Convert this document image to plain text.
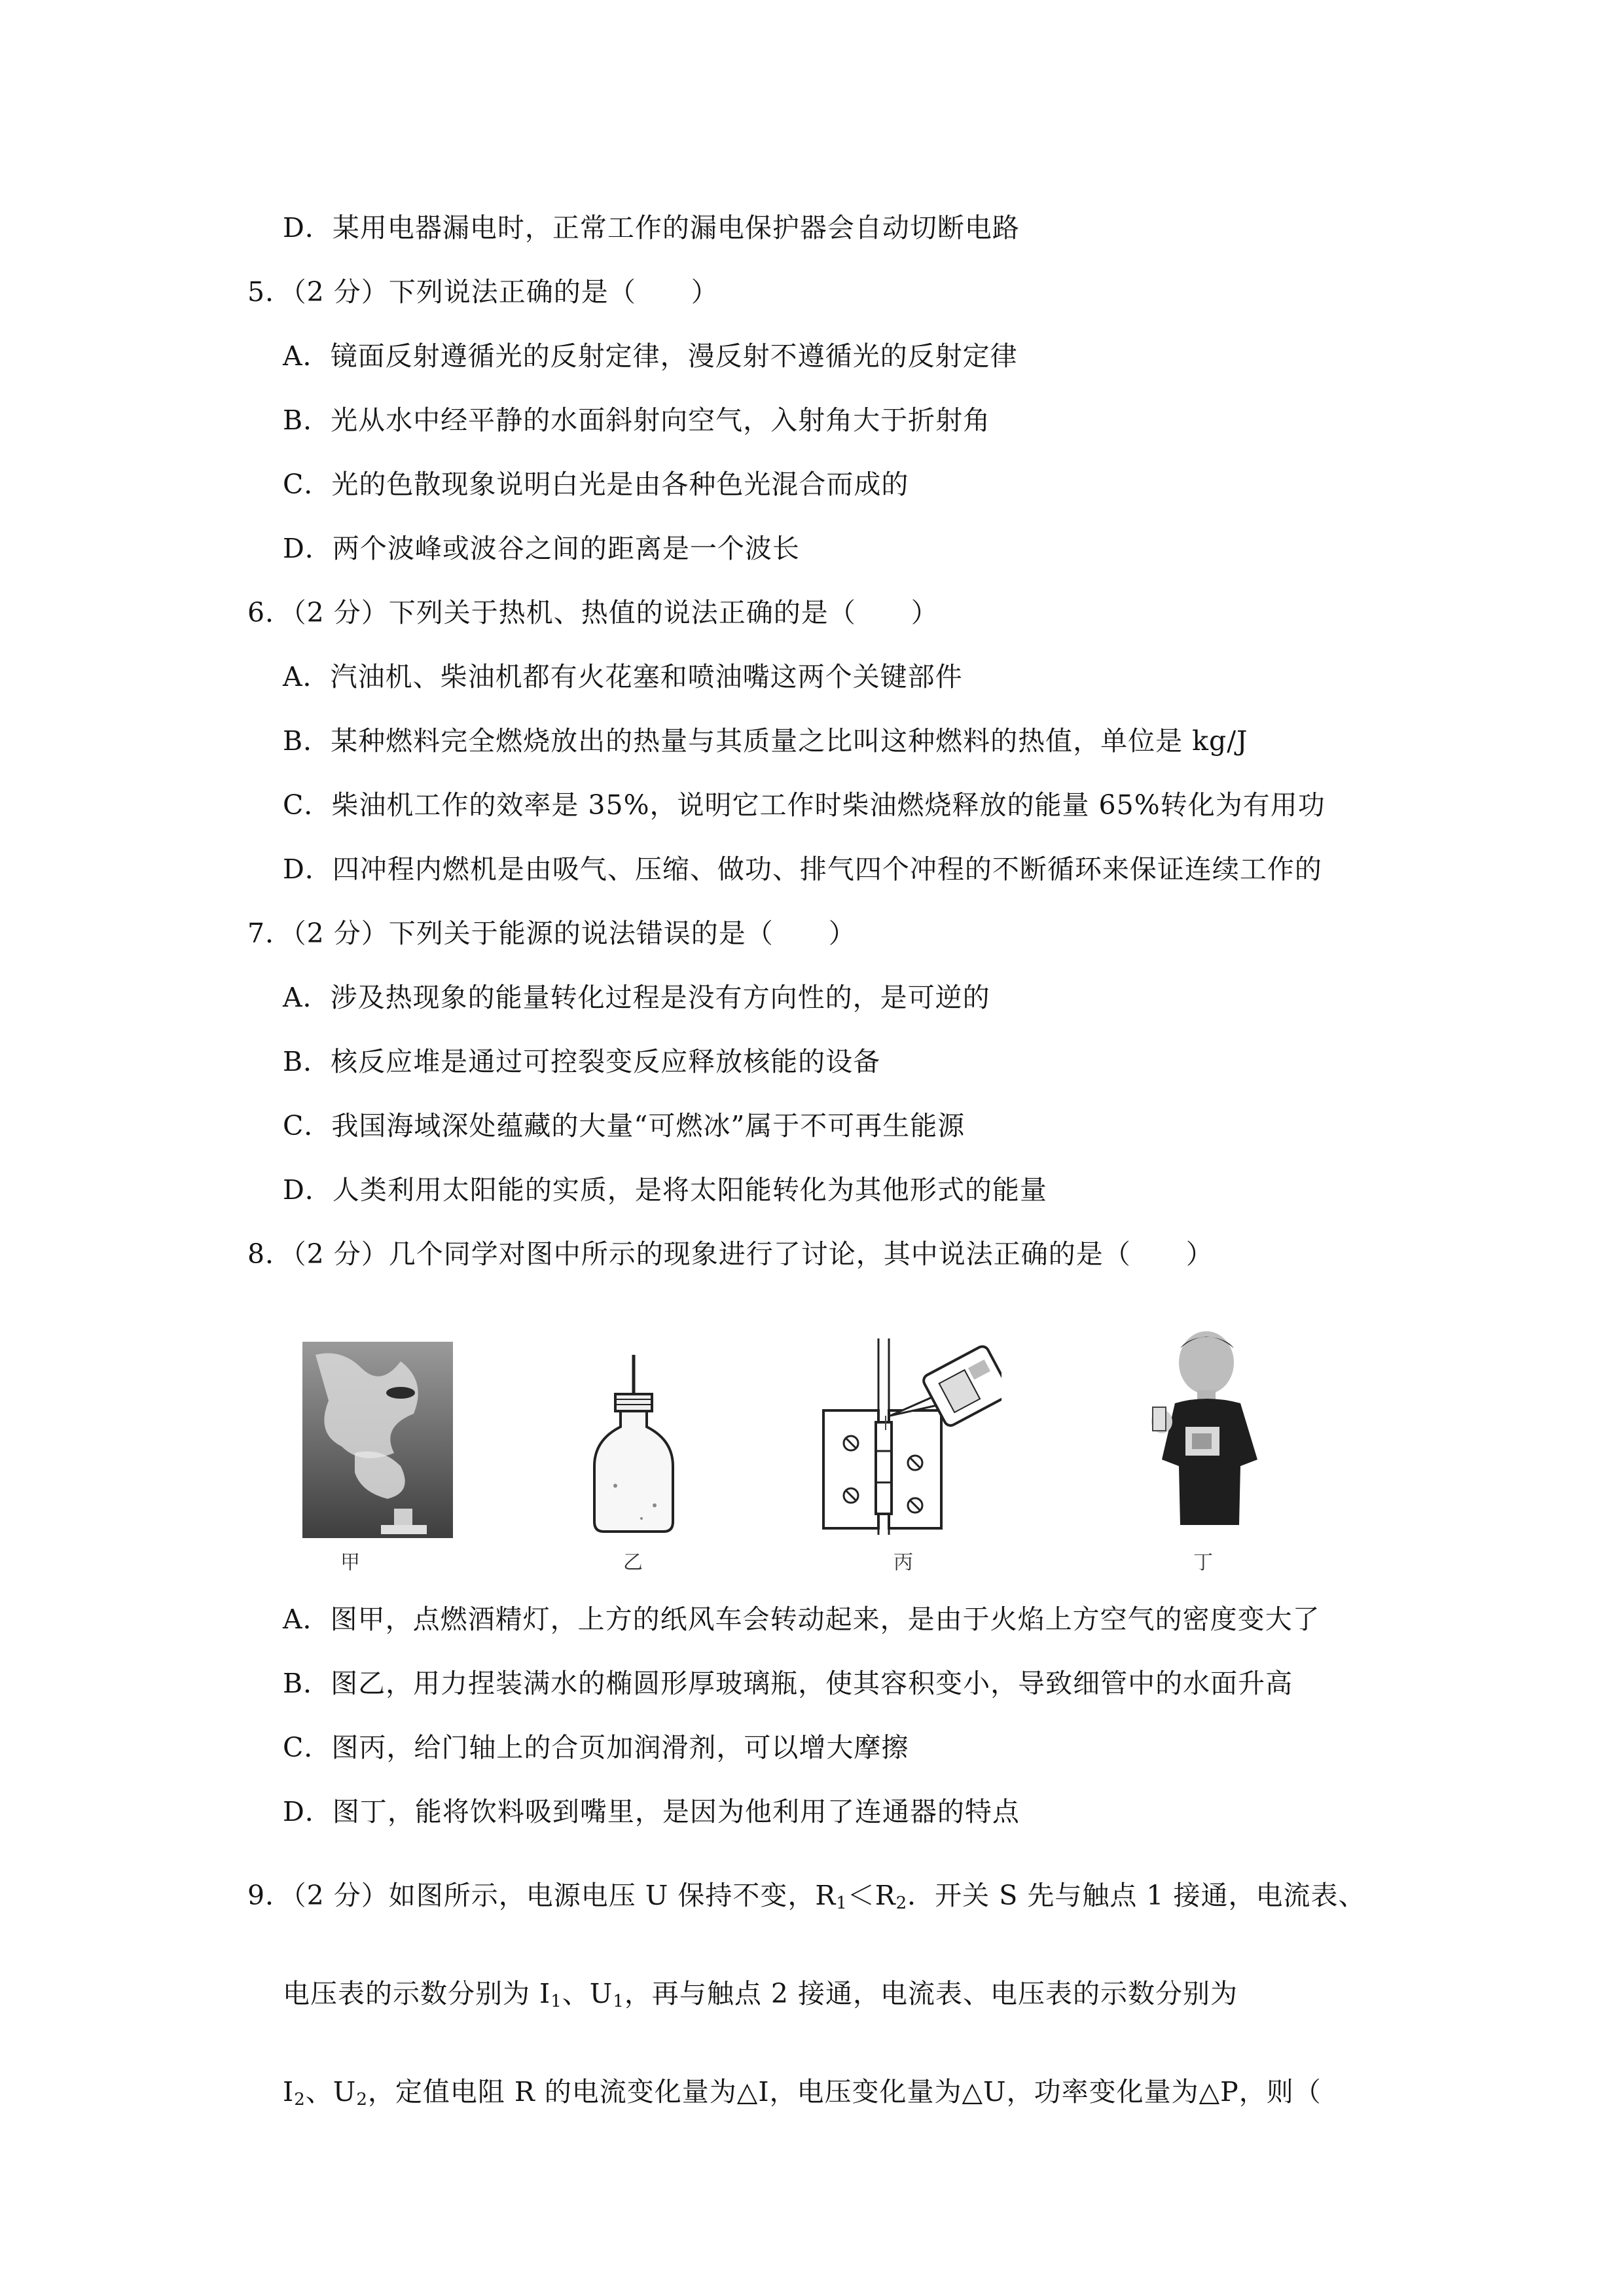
D．某用电器漏电时，正常工作的漏电保护器会自动切断电路
5．（2 分）下列说法正确的是（　　）
A．镜面反射遵循光的反射定律，漫反射不遵循光的反射定律
B．光从水中经平静的水面斜射向空气，入射角大于折射角
C．光的色散现象说明白光是由各种色光混合而成的
D．两个波峰或波谷之间的距离是一个波长
6．（2 分）下列关于热机、热值的说法正确的是（　　）
A．汽油机、柴油机都有火花塞和喷油嘴这两个关键部件
B．某种燃料完全燃烧放出的热量与其质量之比叫这种燃料的热值，单位是 kg/J
C．柴油机工作的效率是 35%，说明它工作时柴油燃烧释放的能量 65%转化为有用功
D．四冲程内燃机是由吸气、压缩、做功、排气四个冲程的不断循环来保证连续工作的
7．（2 分）下列关于能源的说法错误的是（　　）
A．涉及热现象的能量转化过程是没有方向性的，是可逆的
B．核反应堆是通过可控裂变反应释放核能的设备
C．我国海域深处蕴藏的大量“可燃冰”属于不可再生能源
D．人类利用太阳能的实质，是将太阳能转化为其他形式的能量
8．（2 分）几个同学对图中所示的现象进行了讨论，其中说法正确的是（　　）
甲	乙	丙	丁
A．图甲，点燃酒精灯，上方的纸风车会转动起来，是由于火焰上方空气的密度变大了
B．图乙，用力捏装满水的椭圆形厚玻璃瓶，使其容积变小，导致细管中的水面升高
C．图丙，给门轴上的合页加润滑剂，可以增大摩擦
D．图丁，能将饮料吸到嘴里，是因为他利用了连通器的特点
9．（2 分）如图所示，电源电压 U 保持不变，$R_1<R_2$．开关 S 先与触点 1 接通，电流表、
电压表的示数分别为 $I_1$、$U_1$，再与触点 2 接通，电流表、电压表的示数分别为
$I_2$、$U_2$，定值电阻 R 的电流变化量为△I，电压变化量为△U，功率变化量为△P，则（
